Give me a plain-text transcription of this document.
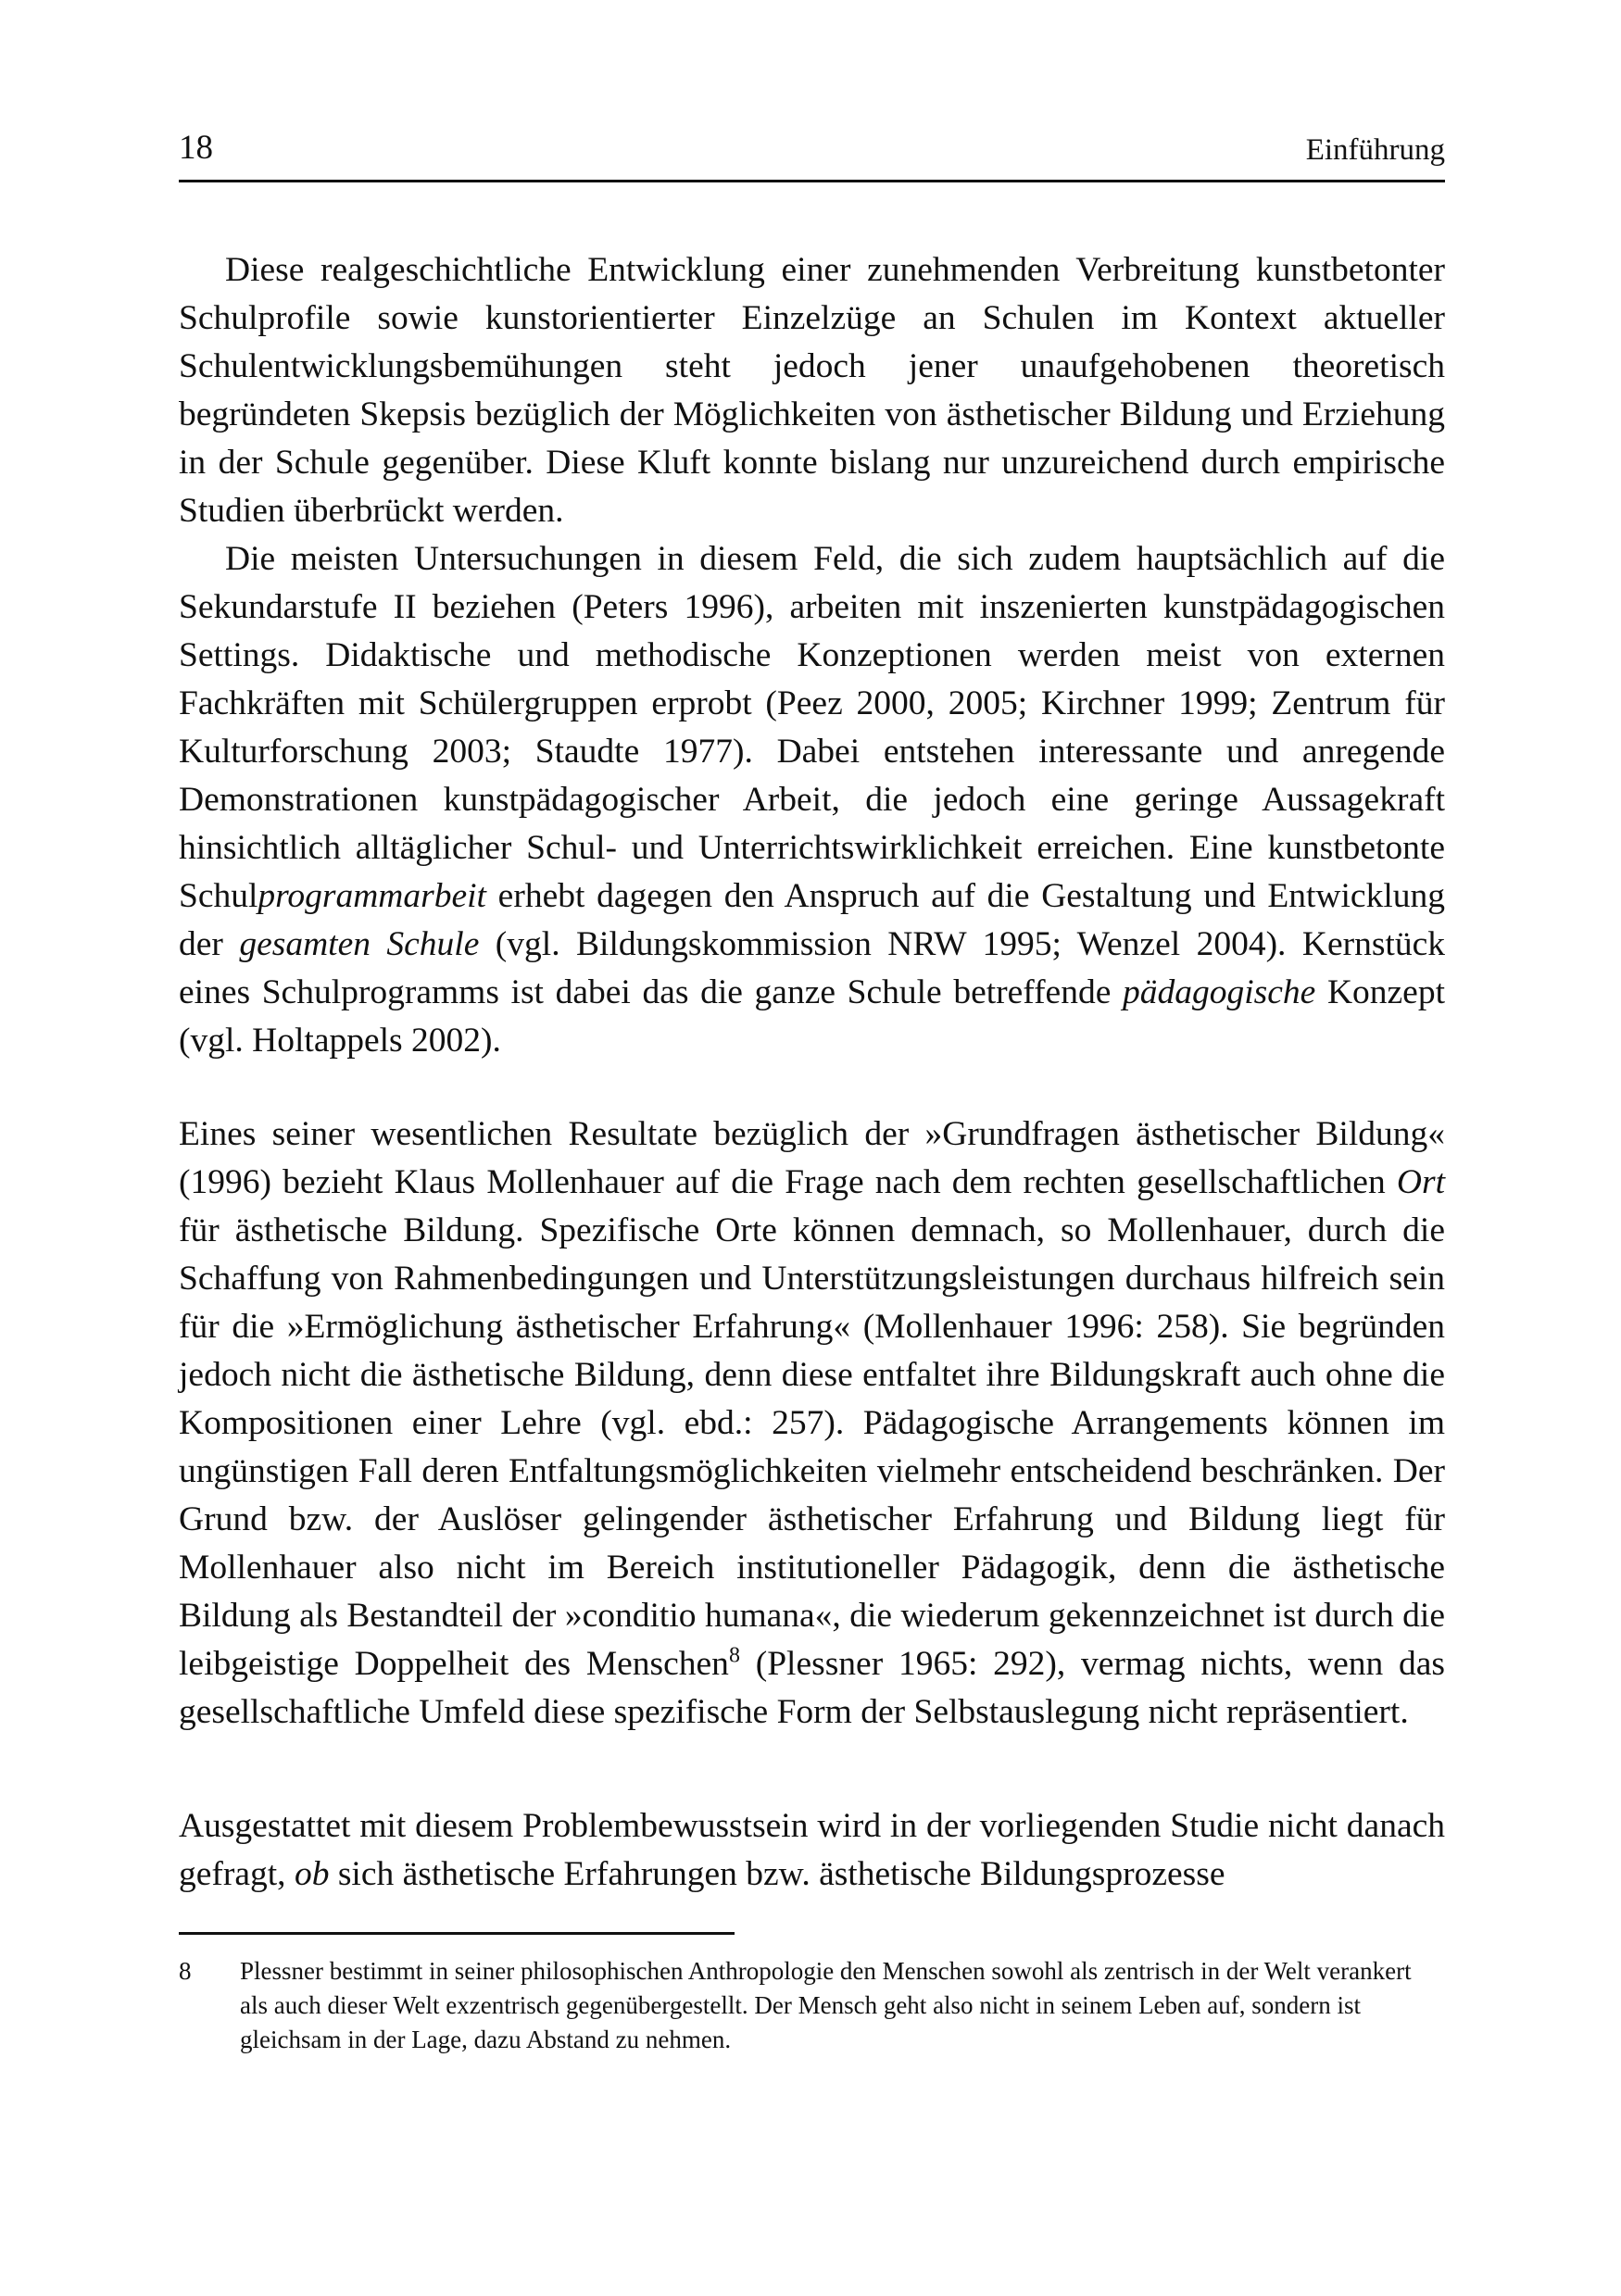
18	Einführung

Diese realgeschichtliche Entwicklung einer zunehmenden Verbreitung kunstbetonter Schulprofile sowie kunstorientierter Einzelzüge an Schulen im Kontext aktueller Schulentwicklungsbemühungen steht jedoch jener unaufgehobenen theoretisch begründeten Skepsis bezüglich der Möglichkeiten von ästhetischer Bildung und Erziehung in der Schule gegenüber. Diese Kluft konnte bislang nur unzureichend durch empirische Studien überbrückt werden.

Die meisten Untersuchungen in diesem Feld, die sich zudem hauptsächlich auf die Sekundarstufe II beziehen (Peters 1996), arbeiten mit inszenierten kunstpädagogischen Settings. Didaktische und methodische Konzeptionen werden meist von externen Fachkräften mit Schülergruppen erprobt (Peez 2000, 2005; Kirchner 1999; Zentrum für Kulturforschung 2003; Staudte 1977). Dabei entstehen interessante und anregende Demonstrationen kunstpädagogischer Arbeit, die jedoch eine geringe Aussagekraft hinsichtlich alltäglicher Schul- und Unterrichtswirklichkeit erreichen. Eine kunstbetonte Schulprogrammarbeit erhebt dagegen den Anspruch auf die Gestaltung und Entwicklung der gesamten Schule (vgl. Bildungskommission NRW 1995; Wenzel 2004). Kernstück eines Schulprogramms ist dabei das die ganze Schule betreffende pädagogische Konzept (vgl. Holtappels 2002).

Eines seiner wesentlichen Resultate bezüglich der »Grundfragen ästhetischer Bildung« (1996) bezieht Klaus Mollenhauer auf die Frage nach dem rechten gesellschaftlichen Ort für ästhetische Bildung. Spezifische Orte können demnach, so Mollenhauer, durch die Schaffung von Rahmenbedingungen und Unterstützungsleistungen durchaus hilfreich sein für die »Ermöglichung ästhetischer Erfahrung« (Mollenhauer 1996: 258). Sie begründen jedoch nicht die ästhetische Bildung, denn diese entfaltet ihre Bildungskraft auch ohne die Kompositionen einer Lehre (vgl. ebd.: 257). Pädagogische Arrangements können im ungünstigen Fall deren Entfaltungsmöglichkeiten vielmehr entscheidend beschränken. Der Grund bzw. der Auslöser gelingender ästhetischer Erfahrung und Bildung liegt für Mollenhauer also nicht im Bereich institutioneller Pädagogik, denn die ästhetische Bildung als Bestandteil der »conditio humana«, die wiederum gekennzeichnet ist durch die leibgeistige Doppelheit des Menschen$^8$ (Plessner 1965: 292), vermag nichts, wenn das gesellschaftliche Umfeld diese spezifische Form der Selbstauslegung nicht repräsentiert.

Ausgestattet mit diesem Problembewusstsein wird in der vorliegenden Studie nicht danach gefragt, ob sich ästhetische Erfahrungen bzw. ästhetische Bildungsprozesse

8	Plessner bestimmt in seiner philosophischen Anthropologie den Menschen sowohl als zentrisch in der Welt verankert als auch dieser Welt exzentrisch gegenübergestellt. Der Mensch geht also nicht in seinem Leben auf, sondern ist gleichsam in der Lage, dazu Abstand zu nehmen.
